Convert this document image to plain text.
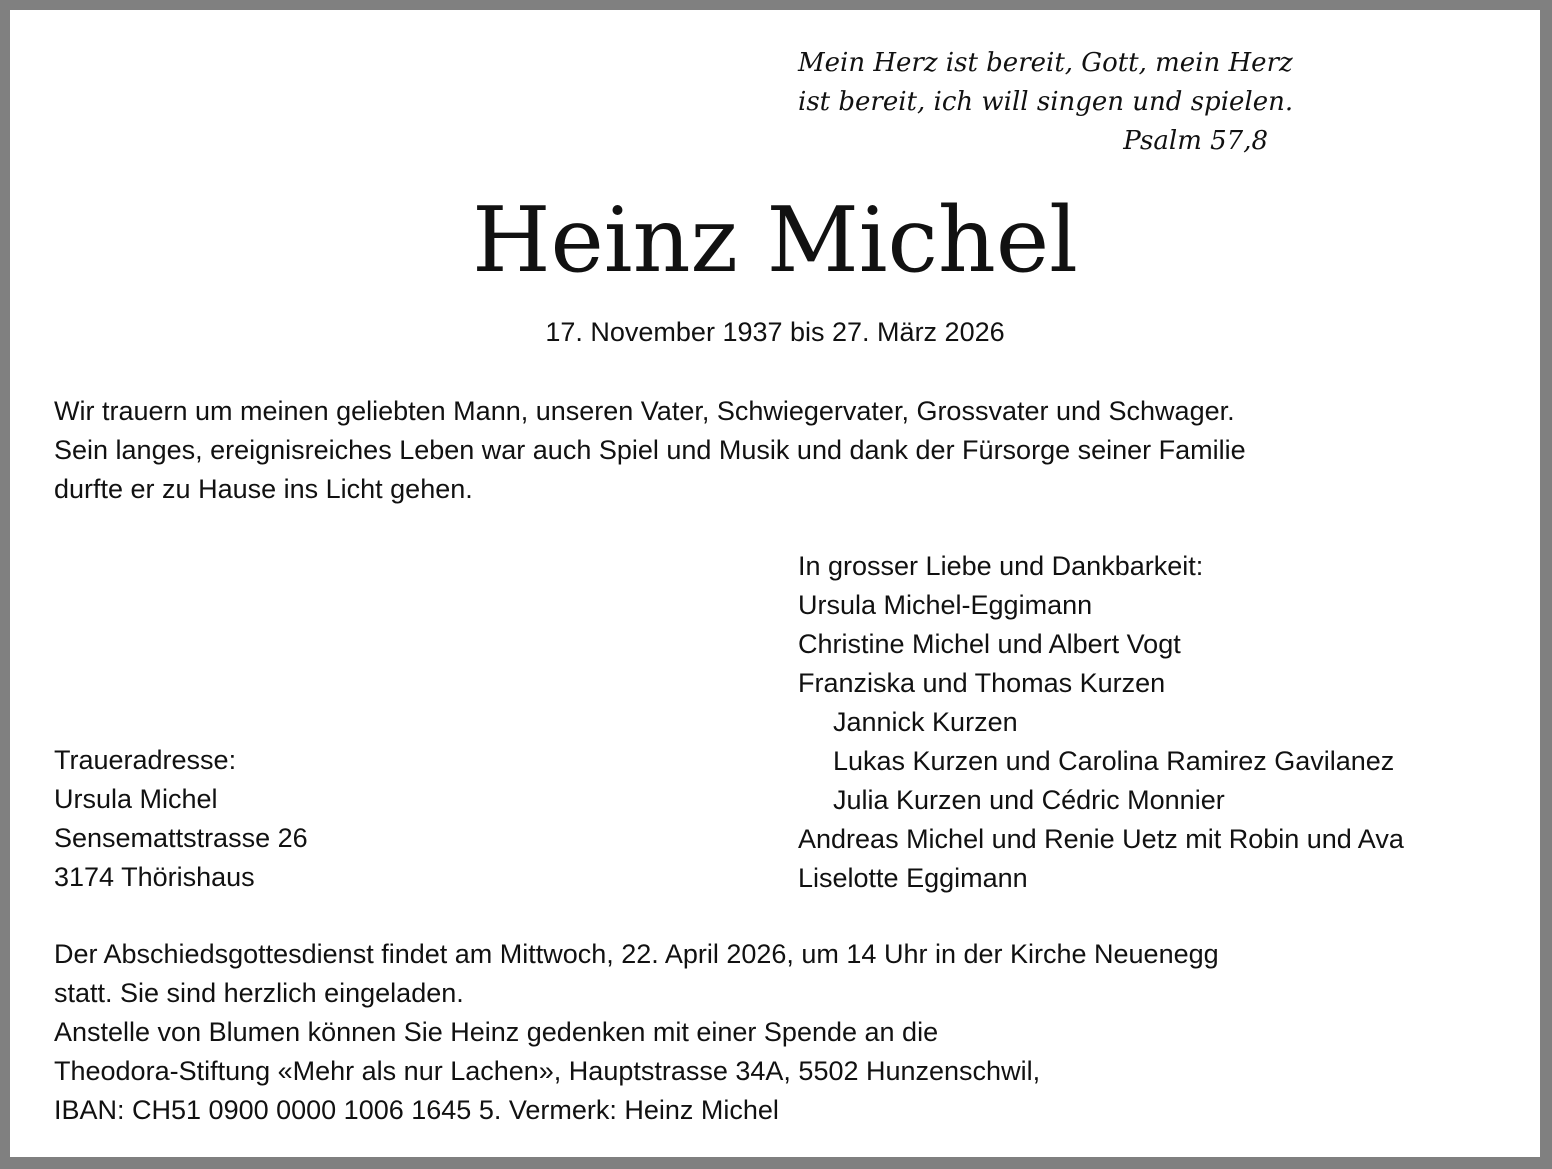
Mein Herz ist bereit, Gott, mein Herz
ist bereit, ich will singen und spielen.
Psalm 57,8
Heinz Michel
17. November 1937 bis 27. März 2026
Wir trauern um meinen geliebten Mann, unseren Vater, Schwiegervater, Grossvater und Schwager.
Sein langes, ereignisreiches Leben war auch Spiel und Musik und dank der Fürsorge seiner Familie
durfte er zu Hause ins Licht gehen.
In grosser Liebe und Dankbarkeit:
Ursula Michel-Eggimann
Christine Michel und Albert Vogt
Franziska und Thomas Kurzen
Jannick Kurzen
Lukas Kurzen und Carolina Ramirez Gavilanez
Julia Kurzen und Cédric Monnier
Andreas Michel und Renie Uetz mit Robin und Ava
Liselotte Eggimann
Traueradresse:
Ursula Michel
Sensemattstrasse 26
3174 Thörishaus
Der Abschiedsgottesdienst findet am Mittwoch, 22. April 2026, um 14 Uhr in der Kirche Neuenegg
statt. Sie sind herzlich eingeladen.
Anstelle von Blumen können Sie Heinz gedenken mit einer Spende an die
Theodora-Stiftung «Mehr als nur Lachen», Hauptstrasse 34A, 5502 Hunzenschwil,
IBAN: CH51 0900 0000 1006 1645 5. Vermerk: Heinz Michel
